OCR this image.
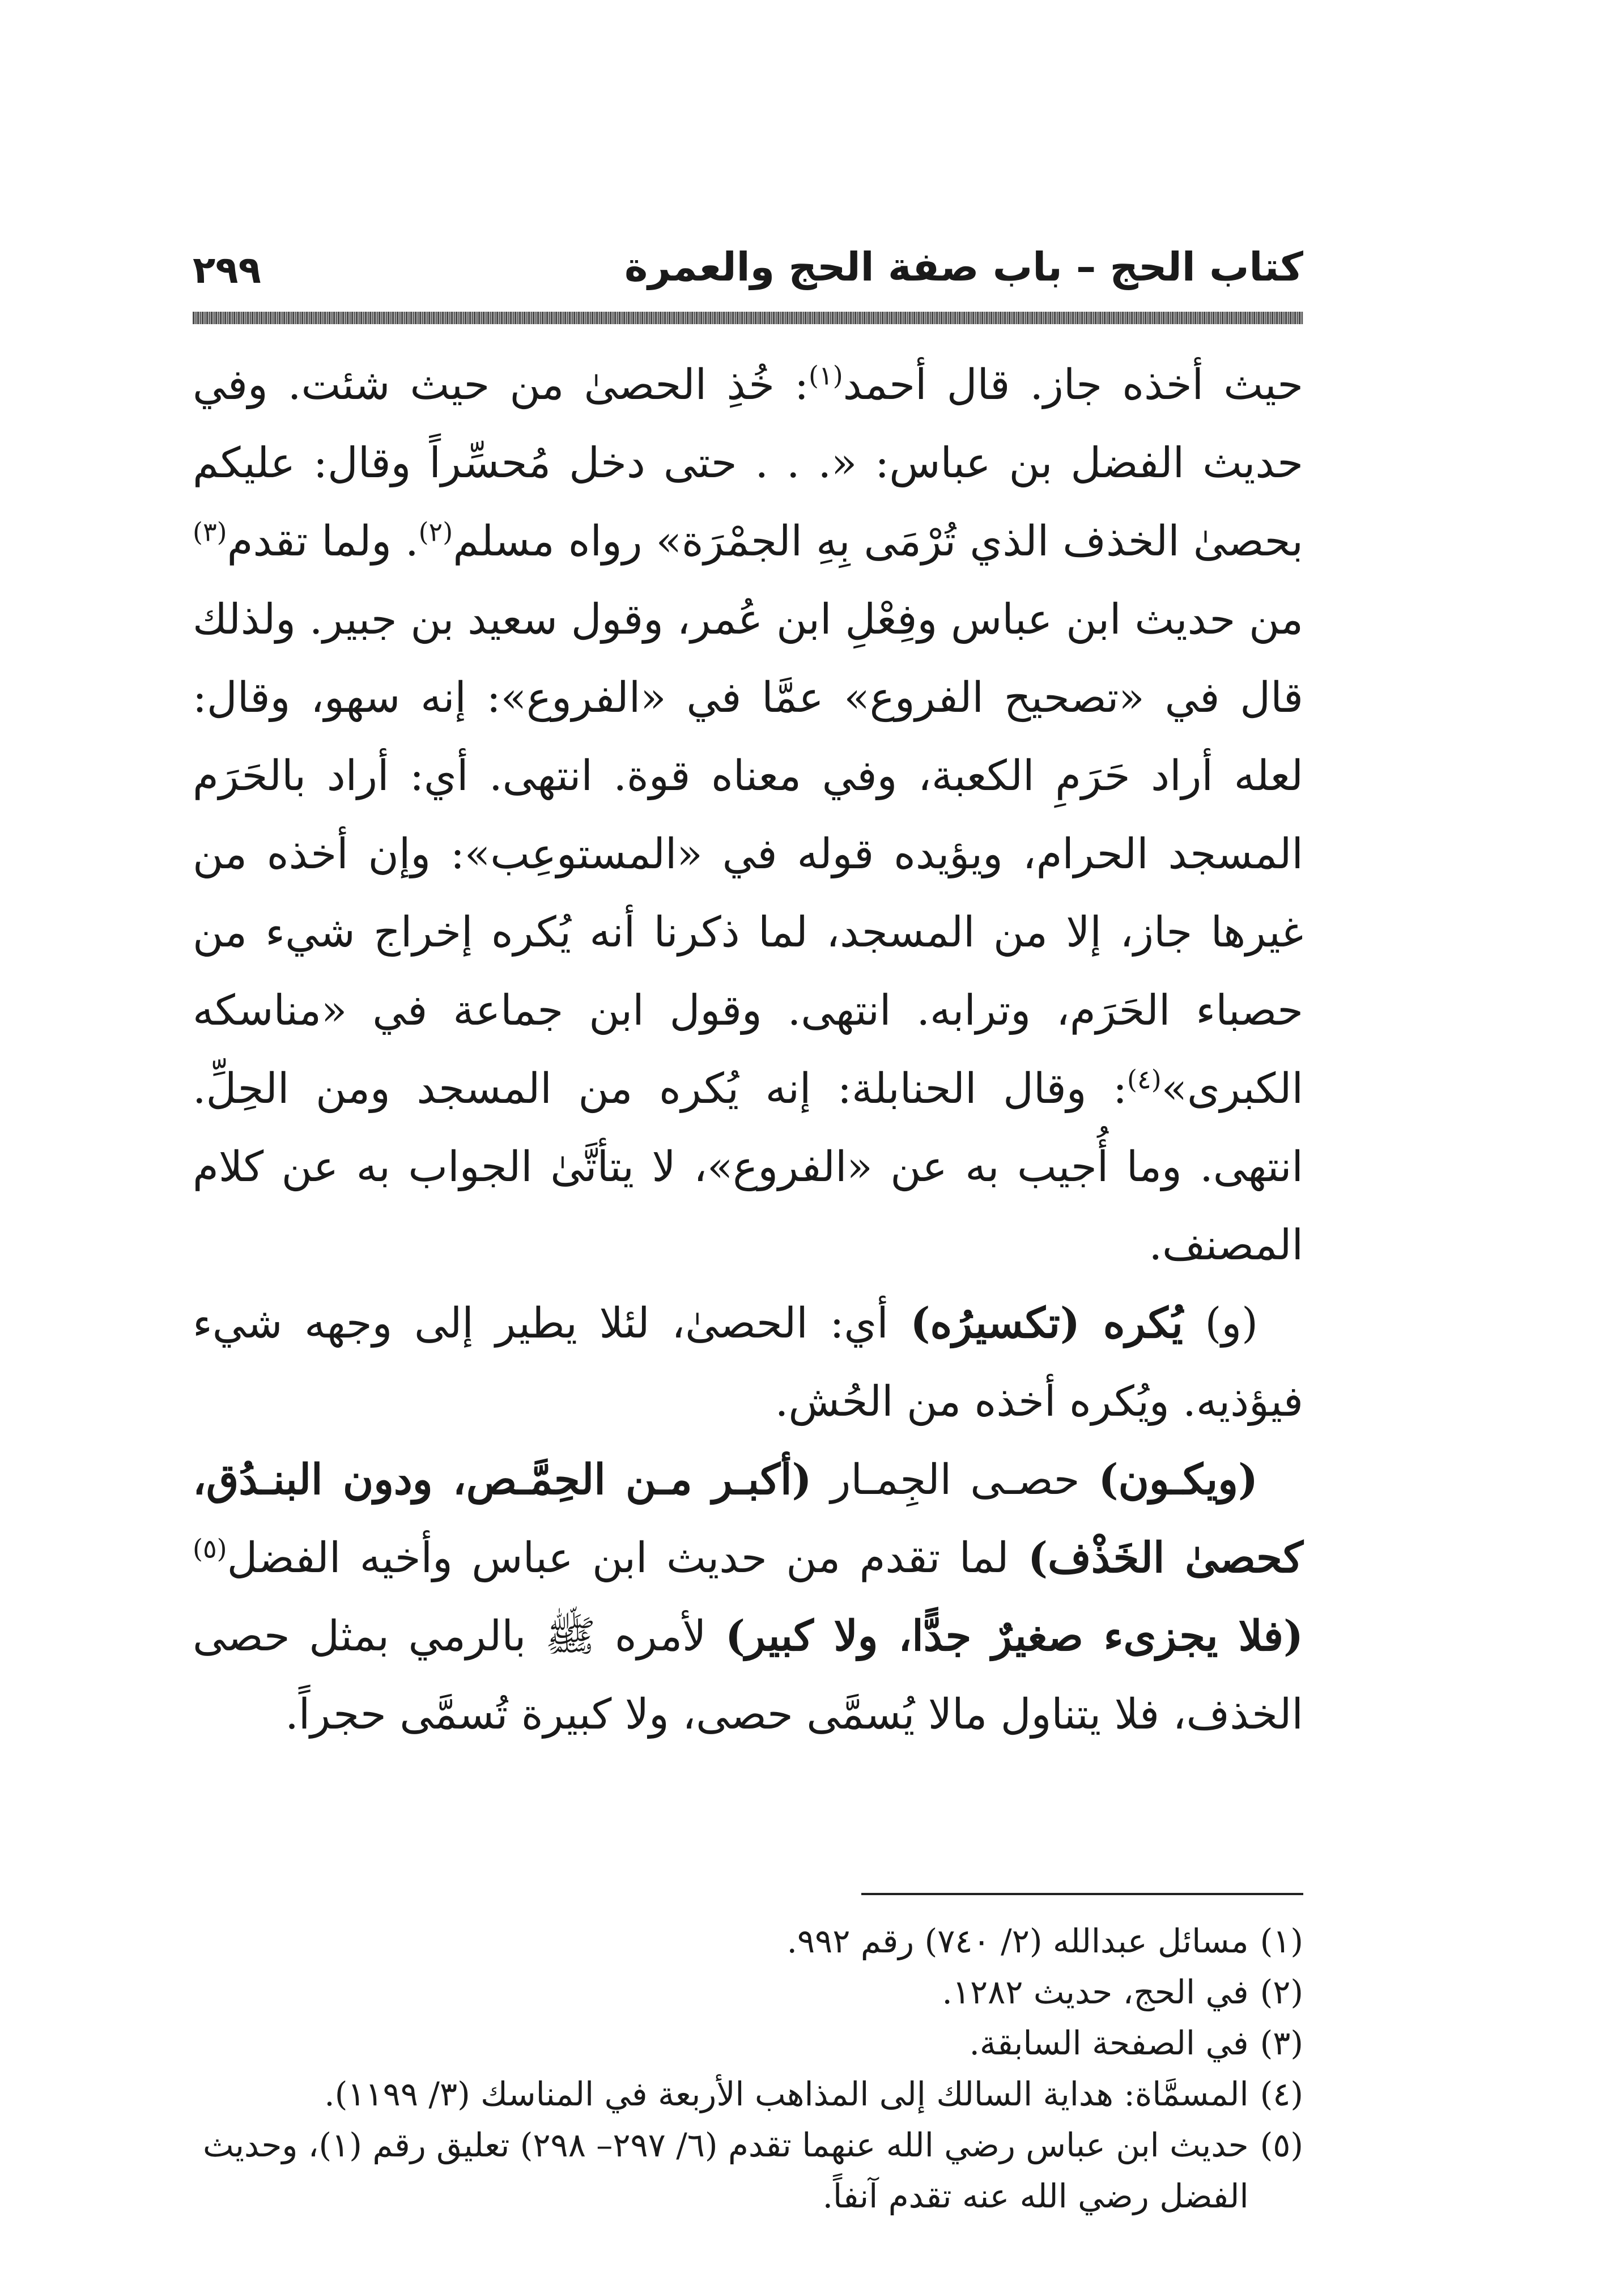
٢٩٩	كتاب الحج – باب صفة الحج والعمرة

حيث أخذه جاز. قال أحمد$^{(١)}$: خُذِ الحصىٰ من حيث شئت. وفي حديث الفضل بن عباس: «. . . حتى دخل مُحسِّراً وقال: عليكم بحصىٰ الخذف الذي تُرْمَى بِهِ الجمْرَة» رواه مسلم$^{(٢)}$. ولما تقدم$^{(٣)}$ من حديث ابن عباس وفِعْلِ ابن عُمر، وقول سعيد بن جبير. ولذلك قال في «تصحيح الفروع» عمَّا في «الفروع»: إنه سهو، وقال: لعله أراد حَرَمِ الكعبة، وفي معناه قوة. انتهى. أي: أراد بالحَرَم المسجد الحرام، ويؤيده قوله في «المستوعِب»: وإن أخذه من غيرها جاز، إلا من المسجد، لما ذكرنا أنه يُكره إخراج شيء من حصباء الحَرَم، وترابه. انتهى. وقول ابن جماعة في «مناسكه الكبرى»$^{(٤)}$: وقال الحنابلة: إنه يُكره من المسجد ومن الحِلِّ. انتهى. وما أُجيب به عن «الفروع»، لا يتأتَّىٰ الجواب به عن كلام المصنف.

(و) يُكره (تكسيرُه) أي: الحصىٰ، لئلا يطير إلى وجهه شيء فيؤذيه. ويُكره أخذه من الحُش.

(ويكـون) حصـى الجِمـار (أكبـر مـن الحِمَّـص، ودون البنـدُق، كحصىٰ الخَذْف) لما تقدم من حديث ابن عباس وأخيه الفضل$^{(٥)}$ (فلا يجزىء صغيرٌ جدًّا، ولا كبير) لأمره ﷺ بالرمي بمثل حصى الخذف، فلا يتناول مالا يُسمَّى حصى، ولا كبيرة تُسمَّى حجراً.

(١)
مسائل عبدالله (٢/ ٧٤٠) رقم ٩٩٢.
(٢)
في الحج، حديث ١٢٨٢.
(٣)
في الصفحة السابقة.
(٤)
المسمَّاة: هداية السالك إلى المذاهب الأربعة في المناسك (٣/ ١١٩٩).
(٥)
حديث ابن عباس رضي الله عنهما تقدم (٦/ ٢٩٧– ٢٩٨) تعليق رقم (١)، وحديث الفضل رضي الله عنه تقدم آنفاً.
